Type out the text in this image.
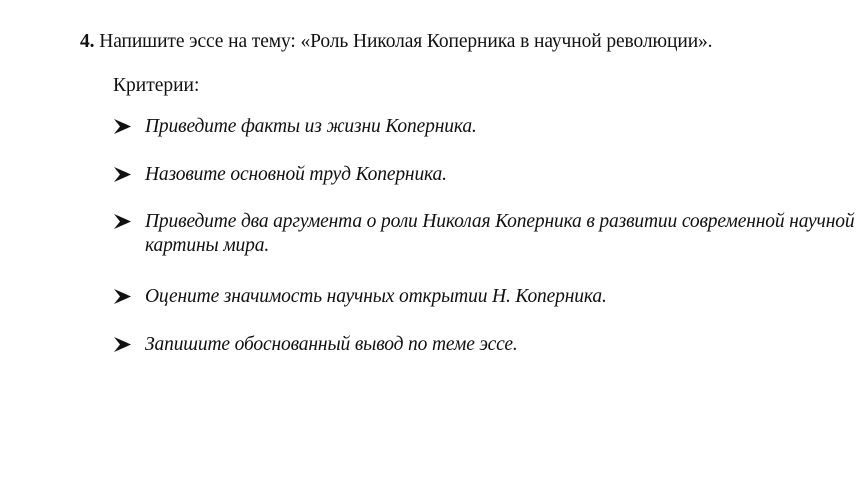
4. Напишите эссе на тему: «Роль Николая Коперника в научной революции».
Критерии:
Приведите факты из жизни Коперника.
Назовите основной труд Коперника.
Приведите два аргумента о роли Николая Коперника в развитии современной научной картины мира.
Оцените значимость научных открытии Н. Коперника.
Запишите обоснованный вывод по теме эссе.
